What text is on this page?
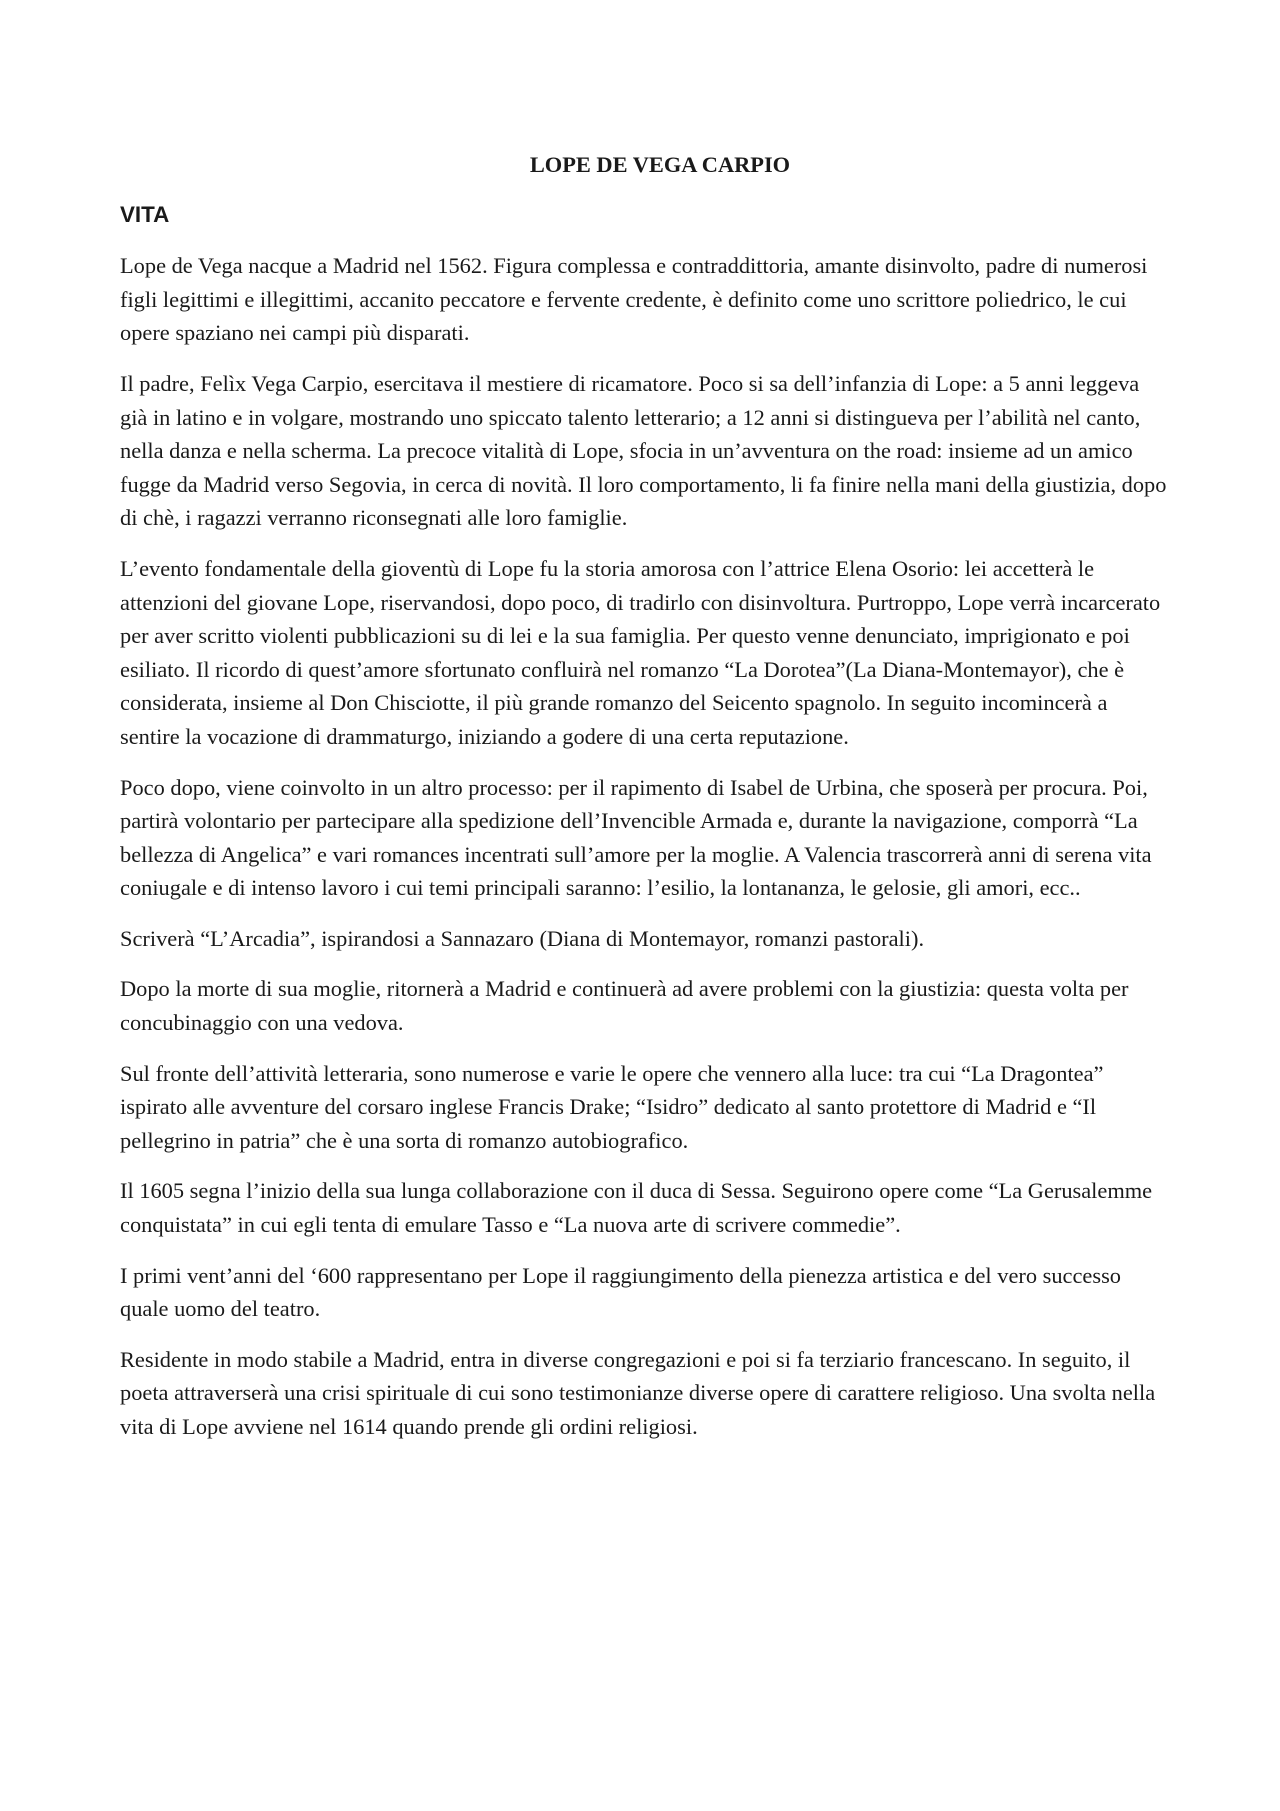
LOPE DE VEGA CARPIO
VITA

Lope de Vega nacque a Madrid nel 1562. Figura complessa e contraddittoria, amante disinvolto, padre di numerosi figli legittimi e illegittimi, accanito peccatore e fervente credente, è definito come uno scrittore poliedrico, le cui opere spaziano nei campi più disparati.

Il padre, Felìx Vega Carpio, esercitava il mestiere di ricamatore. Poco si sa dell’infanzia di Lope: a 5 anni leggeva già in latino e in volgare, mostrando uno spiccato talento letterario; a 12 anni si distingueva per l’abilità nel canto, nella danza e nella scherma. La precoce vitalità di Lope, sfocia in un’avventura on the road: insieme ad un amico fugge da Madrid verso Segovia, in cerca di novità. Il loro comportamento, li fa finire nella mani della giustizia, dopo di chè, i ragazzi verranno riconsegnati alle loro famiglie.

L’evento fondamentale della gioventù di Lope fu la storia amorosa con l’attrice Elena Osorio: lei accetterà le attenzioni del giovane Lope, riservandosi, dopo poco, di tradirlo con disinvoltura. Purtroppo, Lope verrà incarcerato per aver scritto violenti pubblicazioni su di lei e la sua famiglia. Per questo venne denunciato, imprigionato e poi esiliato. Il ricordo di quest’amore sfortunato confluirà nel romanzo “La Dorotea”(La Diana-Montemayor), che è considerata, insieme al Don Chisciotte, il più grande romanzo del Seicento spagnolo. In seguito incomincerà a sentire la vocazione di drammaturgo, iniziando a godere di una certa reputazione.

Poco dopo, viene coinvolto in un altro processo: per il rapimento di Isabel de Urbina, che sposerà per procura. Poi, partirà volontario per partecipare alla spedizione dell’Invencible Armada e, durante la navigazione, comporrà “La bellezza di Angelica” e vari romances incentrati sull’amore per la moglie. A Valencia trascorrerà anni di serena vita coniugale e di intenso lavoro i cui temi principali saranno: l’esilio, la lontananza, le gelosie, gli amori, ecc..

Scriverà “L’Arcadia”, ispirandosi a Sannazaro (Diana di Montemayor, romanzi pastorali).

Dopo la morte di sua moglie, ritornerà a Madrid e continuerà ad avere problemi con la giustizia: questa volta per concubinaggio con una vedova.

Sul fronte dell’attività letteraria, sono numerose e varie le opere che vennero alla luce: tra cui “La Dragontea” ispirato alle avventure del corsaro inglese Francis Drake; “Isidro” dedicato al santo protettore di Madrid e “Il pellegrino in patria” che è una sorta di romanzo autobiografico.

Il 1605 segna l’inizio della sua lunga collaborazione con il duca di Sessa. Seguirono opere come “La Gerusalemme conquistata” in cui egli tenta di emulare Tasso e “La nuova arte di scrivere commedie”.

I primi vent’anni del ‘600 rappresentano per Lope il raggiungimento della pienezza artistica e del vero successo quale uomo del teatro.

Residente in modo stabile a Madrid, entra in diverse congregazioni e poi si fa terziario francescano. In seguito, il poeta attraverserà una crisi spirituale di cui sono testimonianze diverse opere di carattere religioso. Una svolta nella vita di Lope avviene nel 1614 quando prende gli ordini religiosi.
